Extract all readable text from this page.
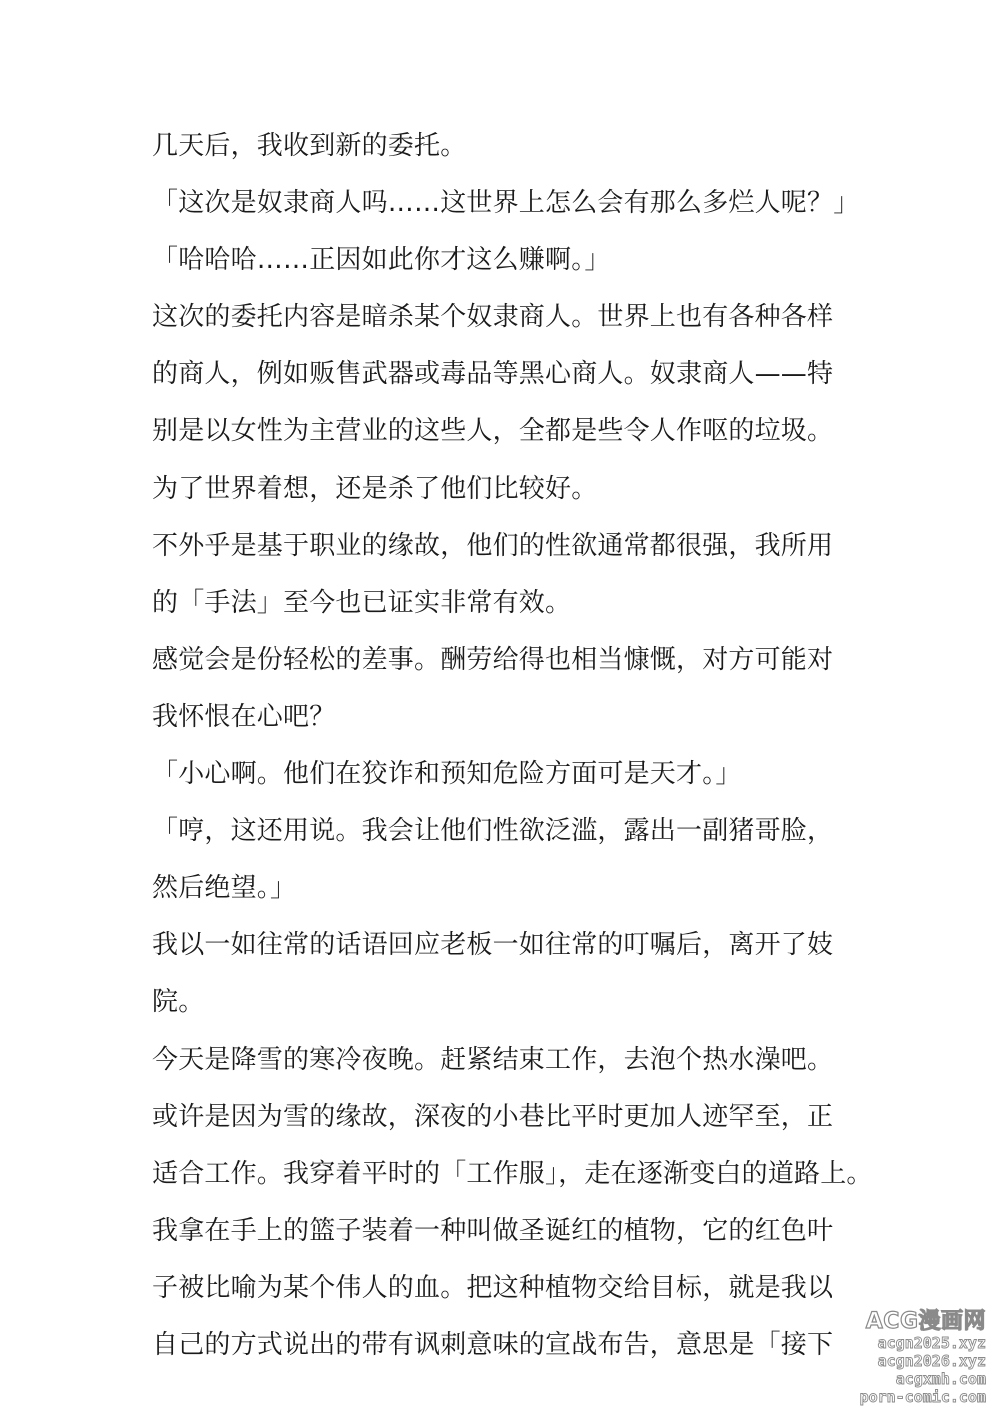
几天后，我收到新的委托。
「这次是奴隶商人吗……这世界上怎么会有那么多烂人呢？」
「哈哈哈……正因如此你才这么赚啊。」
这次的委托内容是暗杀某个奴隶商人。世界上也有各种各样
的商人，例如贩售武器或毒品等黑心商人。奴隶商人——特
别是以女性为主营业的这些人，全都是些令人作呕的垃圾。
为了世界着想，还是杀了他们比较好。
不外乎是基于职业的缘故，他们的性欲通常都很强，我所用
的「手法」至今也已证实非常有效。
感觉会是份轻松的差事。酬劳给得也相当慷慨，对方可能对
我怀恨在心吧？
「小心啊。他们在狡诈和预知危险方面可是天才。」
「哼，这还用说。我会让他们性欲泛滥，露出一副猪哥脸，
然后绝望。」
我以一如往常的话语回应老板一如往常的叮嘱后，离开了妓
院。
今天是降雪的寒冷夜晚。赶紧结束工作，去泡个热水澡吧。
或许是因为雪的缘故，深夜的小巷比平时更加人迹罕至，正
适合工作。我穿着平时的「工作服」，走在逐渐变白的道路上。
我拿在手上的篮子装着一种叫做圣诞红的植物，它的红色叶
子被比喻为某个伟人的血。把这种植物交给目标，就是我以
自己的方式说出的带有讽刺意味的宣战布告，意思是「接下
ACG漫画网
acgn2025.xyz
acgn2026.xyz
acgxmh.com
porn-comic.com
